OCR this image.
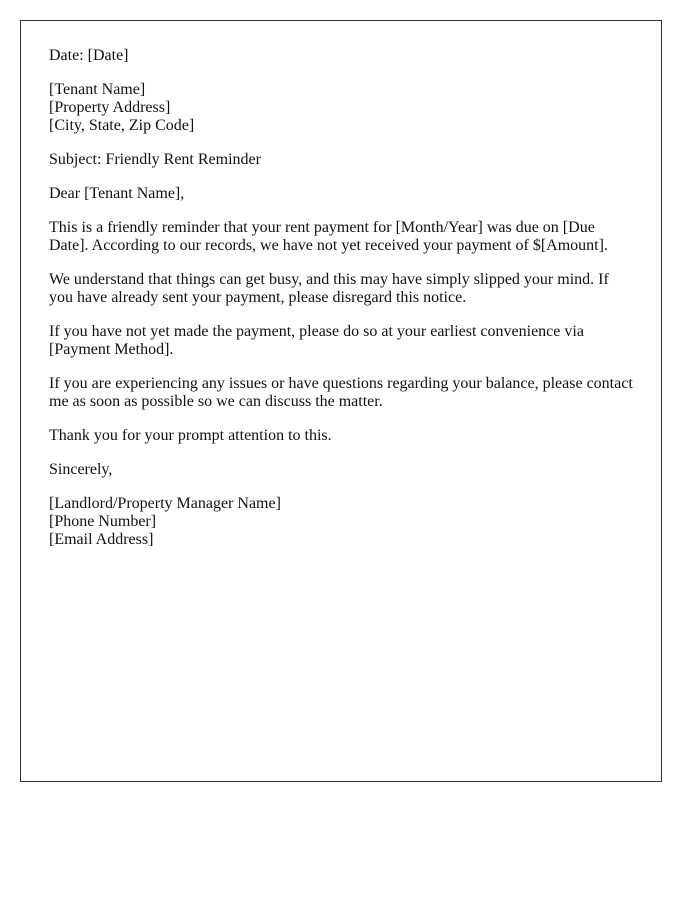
Date: [Date]

[Tenant Name]
[Property Address]
[City, State, Zip Code]

Subject: Friendly Rent Reminder

Dear [Tenant Name],

This is a friendly reminder that your rent payment for [Month/Year] was due on [Due Date]. According to our records, we have not yet received your payment of $[Amount].

We understand that things can get busy, and this may have simply slipped your mind. If you have already sent your payment, please disregard this notice.

If you have not yet made the payment, please do so at your earliest convenience via [Payment Method].

If you are experiencing any issues or have questions regarding your balance, please contact me as soon as possible so we can discuss the matter.

Thank you for your prompt attention to this.

Sincerely,

[Landlord/Property Manager Name]
[Phone Number]
[Email Address]
